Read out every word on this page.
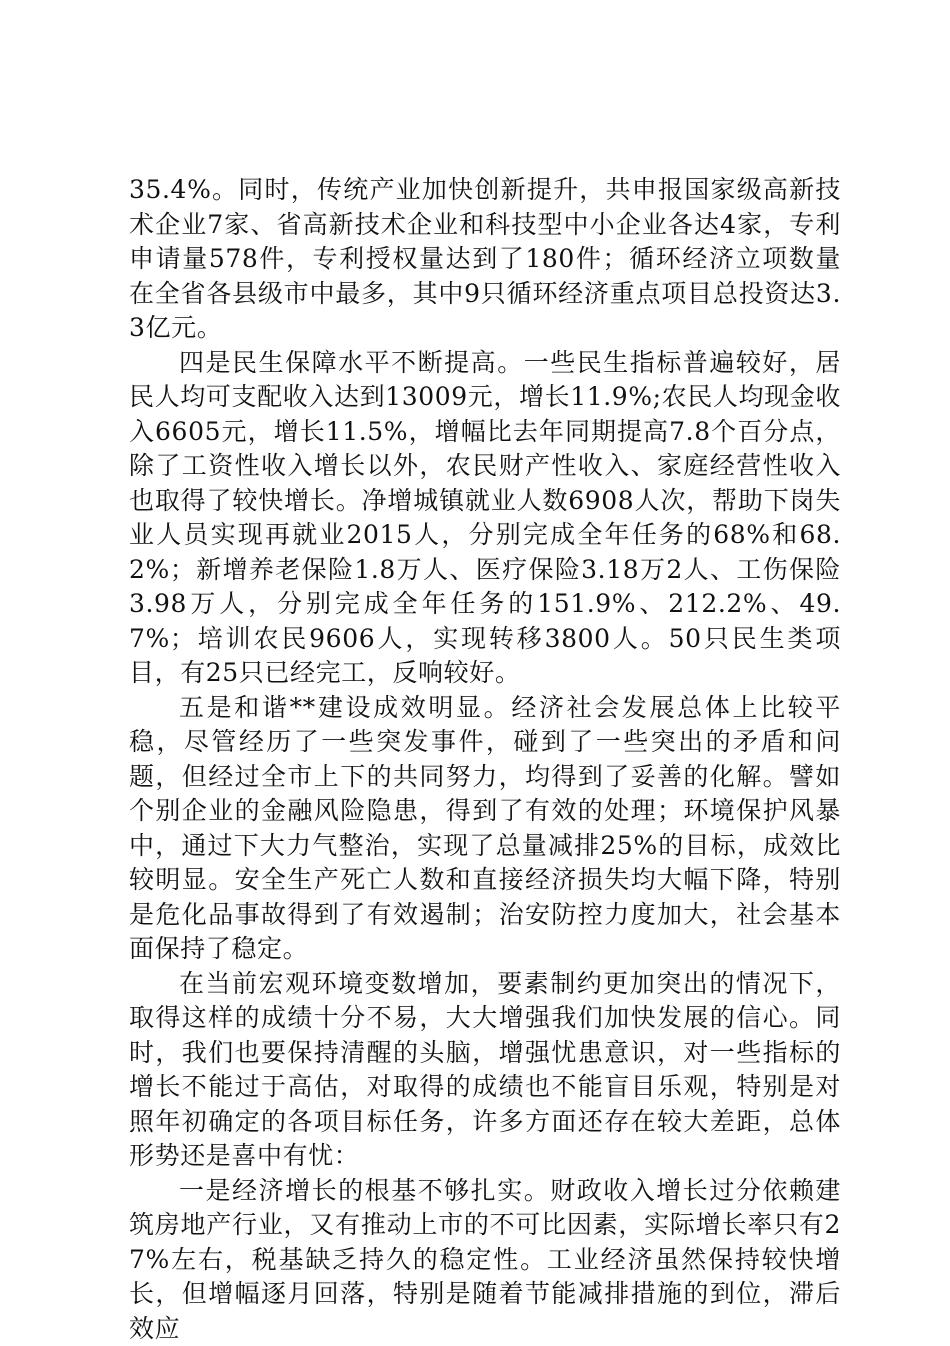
35.4%。同时，传统产业加快创新提升，共申报国家级高新技术企业7家、省高新技术企业和科技型中小企业各达4家，专利申请量578件，专利授权量达到了180件；循环经济立项数量在全省各县级市中最多，其中9只循环经济重点项目总投资达3.3亿元。

四是民生保障水平不断提高。一些民生指标普遍较好，居民人均可支配收入达到13009元，增长11.9%;农民人均现金收入6605元，增长11.5%，增幅比去年同期提高7.8个百分点，除了工资性收入增长以外，农民财产性收入、家庭经营性收入也取得了较快增长。净增城镇就业人数6908人次，帮助下岗失业人员实现再就业2015人，分别完成全年任务的68%和68.2%；新增养老保险1.8万人、医疗保险3.18万2人、工伤保险3.98万人，分别完成全年任务的151.9%、212.2%、49.7%；培训农民9606人，实现转移3800人。50只民生类项目，有25只已经完工，反响较好。

五是和谐**建设成效明显。经济社会发展总体上比较平稳，尽管经历了一些突发事件，碰到了一些突出的矛盾和问题，但经过全市上下的共同努力，均得到了妥善的化解。譬如个别企业的金融风险隐患，得到了有效的处理；环境保护风暴中，通过下大力气整治，实现了总量减排25%的目标，成效比较明显。安全生产死亡人数和直接经济损失均大幅下降，特别是危化品事故得到了有效遏制；治安防控力度加大，社会基本面保持了稳定。

在当前宏观环境变数增加，要素制约更加突出的情况下，取得这样的成绩十分不易，大大增强我们加快发展的信心。同时，我们也要保持清醒的头脑，增强忧患意识，对一些指标的增长不能过于高估，对取得的成绩也不能盲目乐观，特别是对照年初确定的各项目标任务，许多方面还存在较大差距，总体形势还是喜中有忧：

一是经济增长的根基不够扎实。财政收入增长过分依赖建筑房地产行业，又有推动上市的不可比因素，实际增长率只有27%左右，税基缺乏持久的稳定性。工业经济虽然保持较快增长，但增幅逐月回落，特别是随着节能减排措施的到位，滞后效应
